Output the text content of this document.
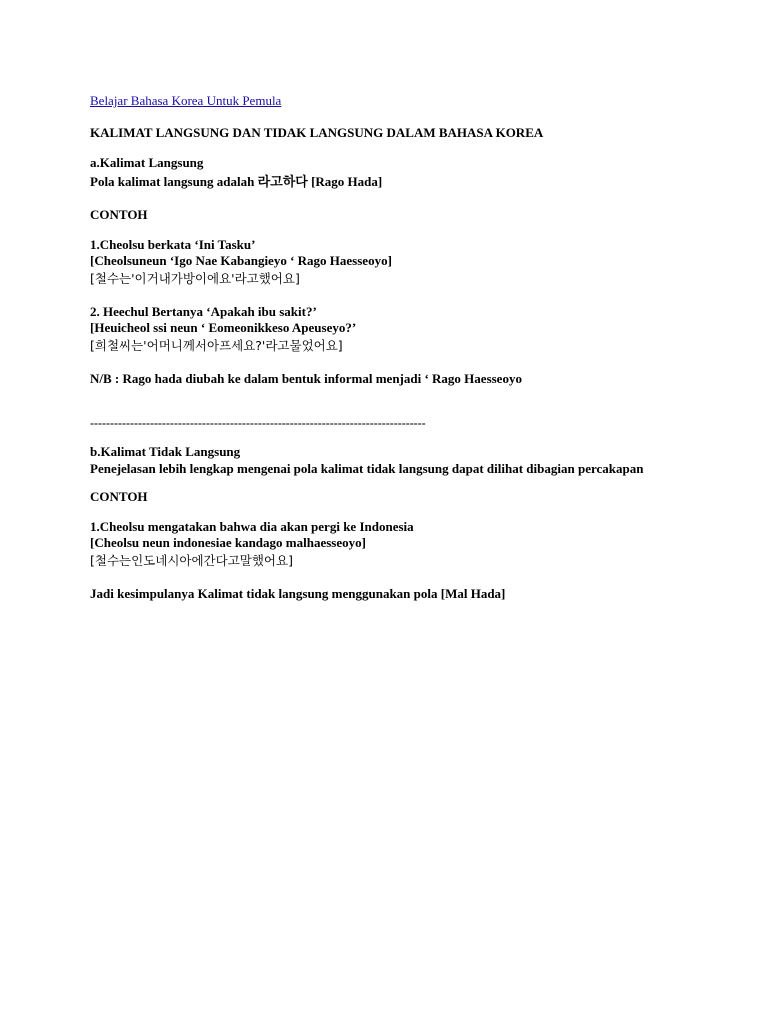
Belajar Bahasa Korea Untuk Pemula
KALIMAT LANGSUNG DAN TIDAK LANGSUNG DALAM BAHASA KOREA
a.Kalimat Langsung
Pola kalimat langsung adalah 라고하다 [Rago Hada]
CONTOH
1.Cheolsu berkata ‘Ini Tasku’
[Cheolsuneun ‘Igo Nae Kabangieyo ‘ Rago Haesseoyo]
[철수는'이거내가방이에요'라고했어요]
2. Heechul Bertanya ‘Apakah ibu sakit?’
[Heuicheol ssi neun ‘ Eomeonikkeso Apeuseyo?’
[희철씨는'어머니께서아프세요?'라고물었어요]
N/B : Rago hada diubah ke dalam bentuk informal menjadi ‘ Rago Haesseoyo
------------------------------------------------------------------------------------
b.Kalimat Tidak Langsung
Penejelasan lebih lengkap mengenai pola kalimat tidak langsung dapat dilihat dibagian percakapan
CONTOH
1.Cheolsu mengatakan bahwa dia akan pergi ke Indonesia
[Cheolsu neun indonesiae kandago malhaesseoyo]
[철수는인도네시아에간다고말했어요]
Jadi kesimpulanya Kalimat tidak langsung menggunakan pola [Mal Hada]
